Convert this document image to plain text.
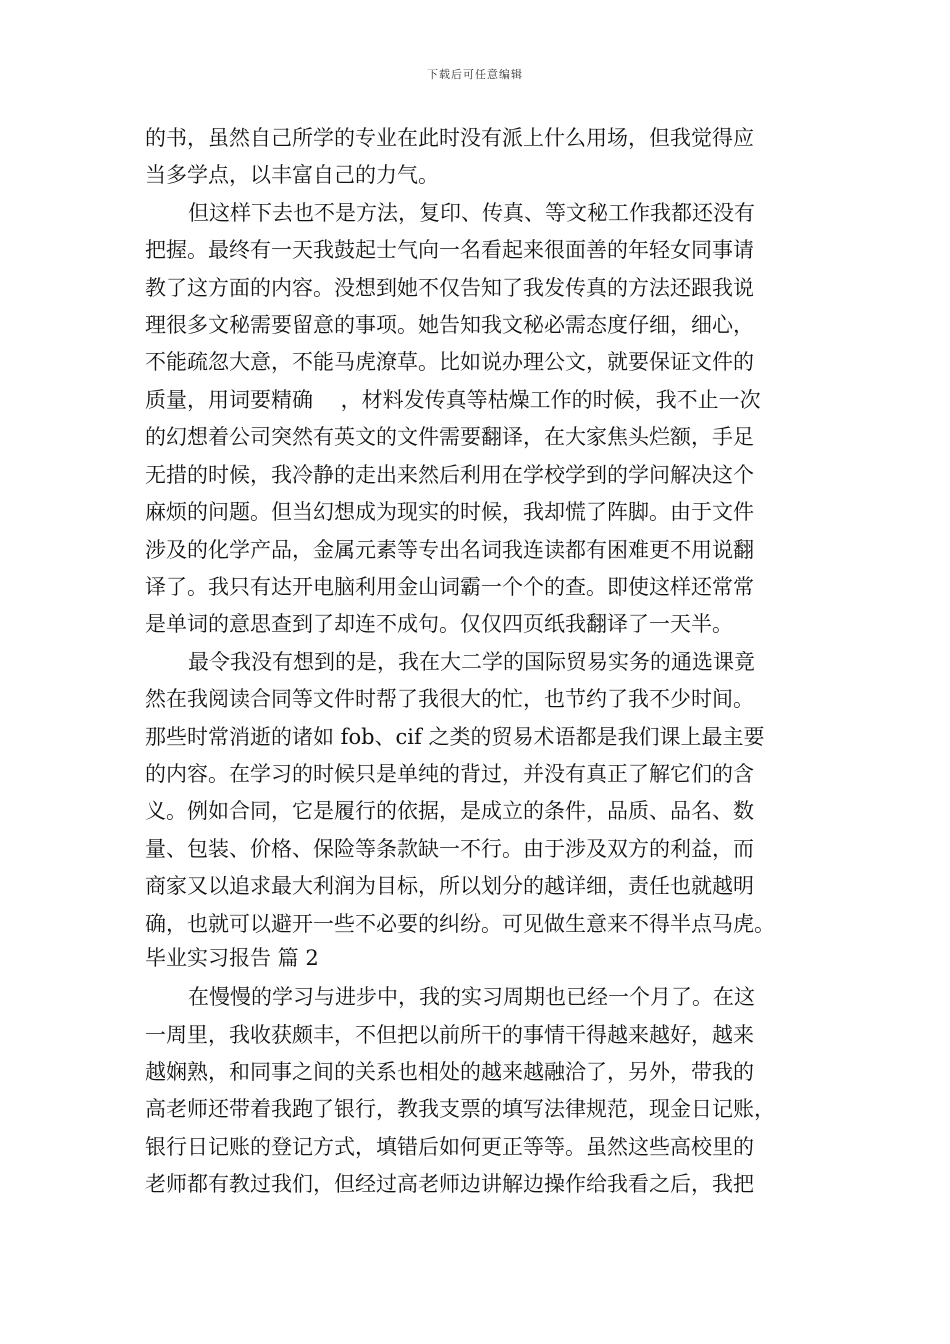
下载后可任意编辑
的书，虽然自己所学的专业在此时没有派上什么用场，但我觉得应
当多学点，以丰富自己的力气。
但这样下去也不是方法，复印、传真、等文秘工作我都还没有
把握。最终有一天我鼓起士气向一名看起来很面善的年轻女同事请
教了这方面的内容。没想到她不仅告知了我发传真的方法还跟我说
理很多文秘需要留意的事项。她告知我文秘必需态度仔细，细心，
不能疏忽大意，不能马虎潦草。比如说办理公文，就要保证文件的
质量，用词要精确　 ，材料发传真等枯燥工作的时候，我不止一次
的幻想着公司突然有英文的文件需要翻译，在大家焦头烂额，手足
无措的时候，我冷静的走出来然后利用在学校学到的学问解决这个
麻烦的问题。但当幻想成为现实的时候，我却慌了阵脚。由于文件
涉及的化学产品，金属元素等专出名词我连读都有困难更不用说翻
译了。我只有达开电脑利用金山词霸一个个的查。即使这样还常常
是单词的意思查到了却连不成句。仅仅四页纸我翻译了一天半。
最令我没有想到的是，我在大二学的国际贸易实务的通选课竟
然在我阅读合同等文件时帮了我很大的忙，也节约了我不少时间。
那些时常消逝的诸如 fob、cif 之类的贸易术语都是我们课上最主要
的内容。在学习的时候只是单纯的背过，并没有真正了解它们的含
义。例如合同，它是履行的依据，是成立的条件，品质、品名、数
量、包装、价格、保险等条款缺一不行。由于涉及双方的利益，而
商家又以追求最大利润为目标，所以划分的越详细，责任也就越明
确，也就可以避开一些不必要的纠纷。可见做生意来不得半点马虎。
毕业实习报告 篇 2
在慢慢的学习与进步中，我的实习周期也已经一个月了。在这
一周里，我收获颇丰，不但把以前所干的事情干得越来越好，越来
越娴熟，和同事之间的关系也相处的越来越融洽了，另外，带我的
高老师还带着我跑了银行，教我支票的填写法律规范，现金日记账，
银行日记账的登记方式，填错后如何更正等等。虽然这些高校里的
老师都有教过我们，但经过高老师边讲解边操作给我看之后，我把
